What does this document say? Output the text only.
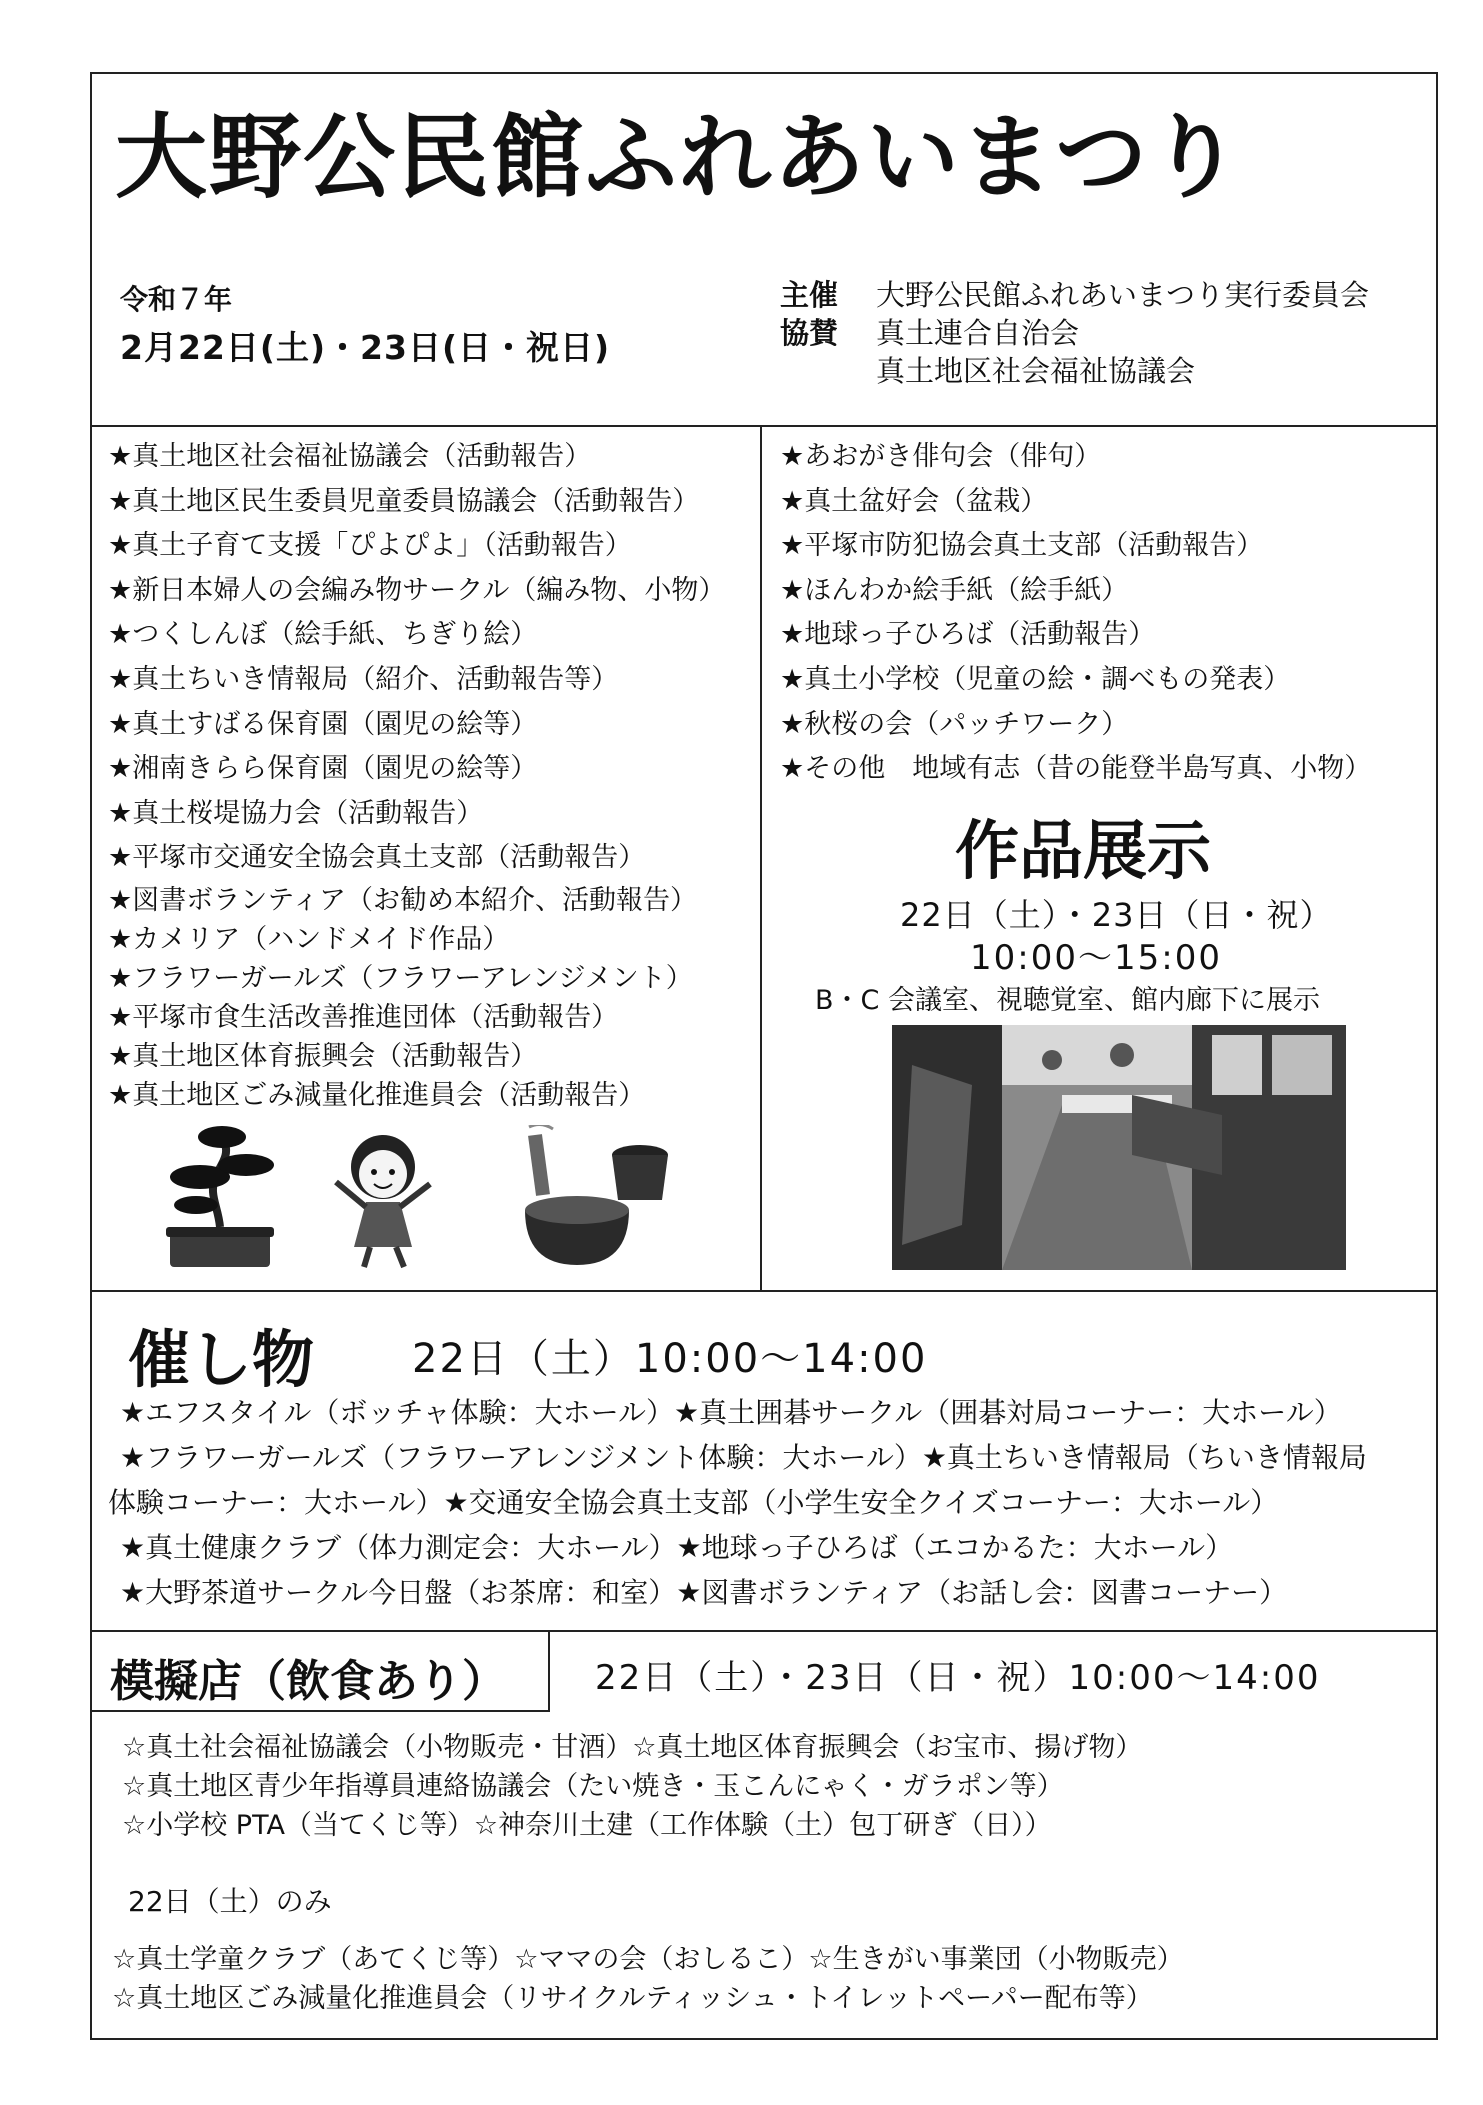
大野公民館ふれあいまつり
令和７年
2月22日(土)・23日(日・祝日)
主催	大野公民館ふれあいまつり実行委員会
協賛	真土連合自治会
真土地区社会福祉協議会
★真土地区社会福祉協議会（活動報告）
★真土地区民生委員児童委員協議会（活動報告）
★真土子育て支援「ぴよぴよ」（活動報告）
★新日本婦人の会編み物サークル（編み物、小物）
★つくしんぼ（絵手紙、ちぎり絵）
★真土ちいき情報局（紹介、活動報告等）
★真土すばる保育園（園児の絵等）
★湘南きらら保育園（園児の絵等）
★真土桜堤協力会（活動報告）
★平塚市交通安全協会真土支部（活動報告）
★図書ボランティア（お勧め本紹介、活動報告）
★カメリア（ハンドメイド作品）
★フラワーガールズ（フラワーアレンジメント）
★平塚市食生活改善推進団体（活動報告）
★真土地区体育振興会（活動報告）
★真土地区ごみ減量化推進員会（活動報告）
★あおがき俳句会（俳句）
★真土盆好会（盆栽）
★平塚市防犯協会真土支部（活動報告）
★ほんわか絵手紙（絵手紙）
★地球っ子ひろば（活動報告）
★真土小学校（児童の絵・調べもの発表）
★秋桜の会（パッチワーク）
★その他　地域有志（昔の能登半島写真、小物）
作品展示
22日（土）・23日（日・祝）
10:00〜15:00
B・C 会議室、視聴覚室、館内廊下に展示
催し物 22日（土）10:00〜14:00
★エフスタイル（ボッチャ体験：大ホール）★真土囲碁サークル（囲碁対局コーナー：大ホール）
★フラワーガールズ（フラワーアレンジメント体験：大ホール）★真土ちいき情報局（ちいき情報局
体験コーナー：大ホール）★交通安全協会真土支部（小学生安全クイズコーナー：大ホール）
★真土健康クラブ（体力測定会：大ホール）★地球っ子ひろば（エコかるた：大ホール）
★大野茶道サークル今日盤（お茶席：和室）★図書ボランティア（お話し会：図書コーナー）
模擬店（飲食あり）	22日（土）・23日（日・祝）10:00〜14:00
☆真土社会福祉協議会（小物販売・甘酒）☆真土地区体育振興会（お宝市、揚げ物）
☆真土地区青少年指導員連絡協議会（たい焼き・玉こんにゃく・ガラポン等）
☆小学校 PTA（当てくじ等）☆神奈川土建（工作体験（土）包丁研ぎ（日））
22日（土）のみ
☆真土学童クラブ（あてくじ等）☆ママの会（おしるこ）☆生きがい事業団（小物販売）
☆真土地区ごみ減量化推進員会（リサイクルティッシュ・トイレットペーパー配布等）
